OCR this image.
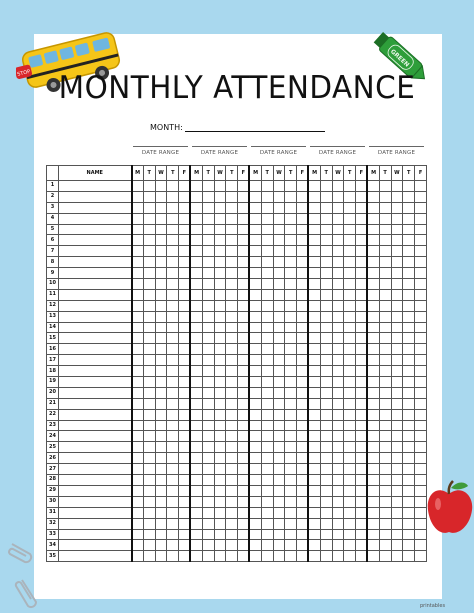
STOP
GREEN
MONTHLY ATTENDANCE
MONTH:
DATE RANGE	DATE RANGE	DATE RANGE	DATE RANGE	DATE RANGE
	NAME	M	T	W	T	F	M	T	W	T	F	M	T	W	T	F	M	T	W	T	F	M	T	W	T	F
1																										
2																										
3																										
4																										
5																										
6																										
7																										
8																										
9																										
10																										
11																										
12																										
13																										
14																										
15																										
16																										
17																										
18																										
19																										
20																										
21																										
22																										
23																										
24																										
25																										
26																										
27																										
28																										
29																										
30																										
31																										
32																										
33																										
34																										
35																										
printables
